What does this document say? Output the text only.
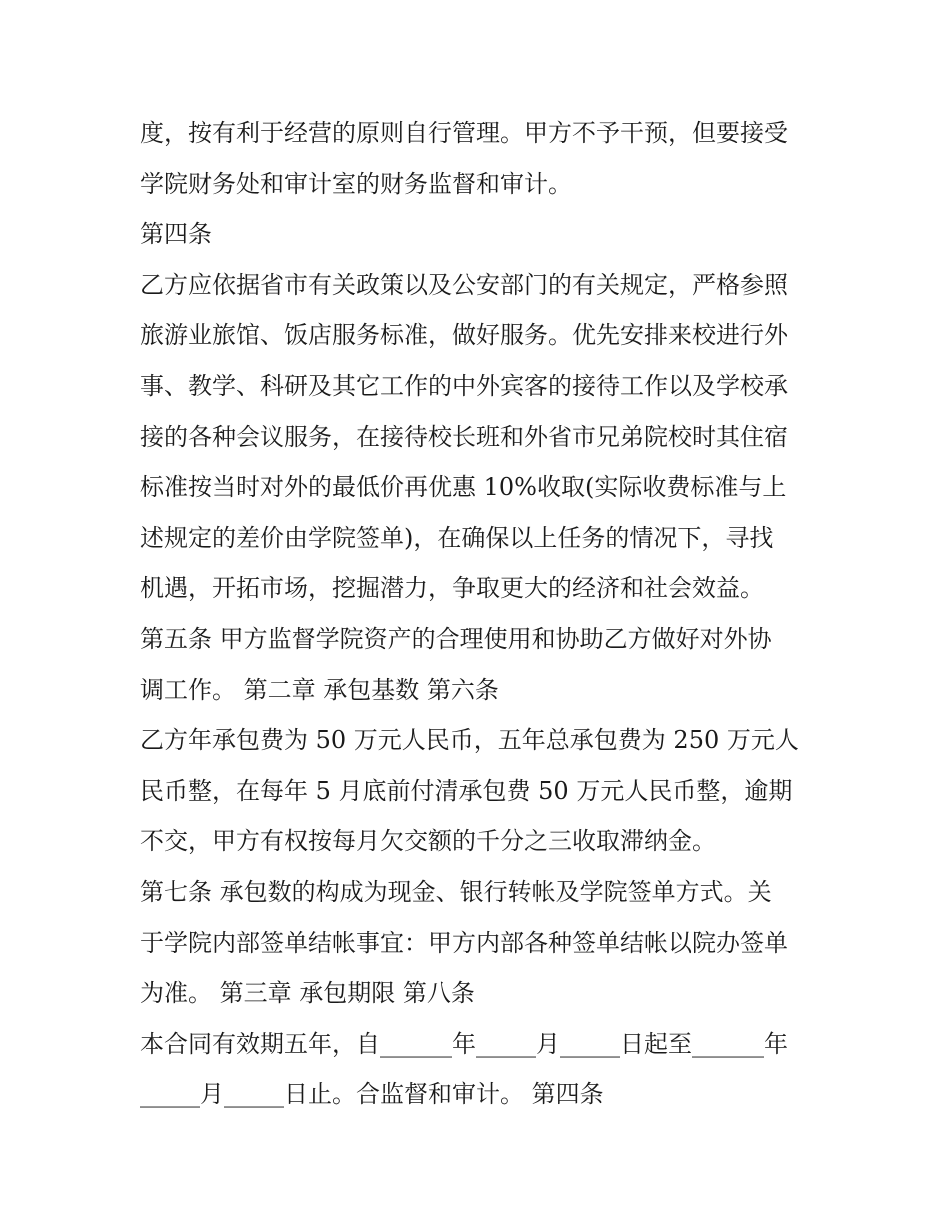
度，按有利于经营的原则自行管理。甲方不予干预，但要接受
学院财务处和审计室的财务监督和审计。
第四条
乙方应依据省市有关政策以及公安部门的有关规定，严格参照
旅游业旅馆、饭店服务标准，做好服务。优先安排来校进行外
事、教学、科研及其它工作的中外宾客的接待工作以及学校承
接的各种会议服务，在接待校长班和外省市兄弟院校时其住宿
标准按当时对外的最低价再优惠 10%收取(实际收费标准与上
述规定的差价由学院签单)，在确保以上任务的情况下，寻找
机遇，开拓市场，挖掘潜力，争取更大的经济和社会效益。
第五条 甲方监督学院资产的合理使用和协助乙方做好对外协
调工作。 第二章 承包基数 第六条
乙方年承包费为 50 万元人民币，五年总承包费为 250 万元人
民币整，在每年 5 月底前付清承包费 50 万元人民币整，逾期
不交，甲方有权按每月欠交额的千分之三收取滞纳金。
第七条 承包数的构成为现金、银行转帐及学院签单方式。关
于学院内部签单结帐事宜：甲方内部各种签单结帐以院办签单
为准。 第三章 承包期限 第八条
本合同有效期五年，自______年_____月_____日起至______年
_____月_____日止。合监督和审计。 第四条
